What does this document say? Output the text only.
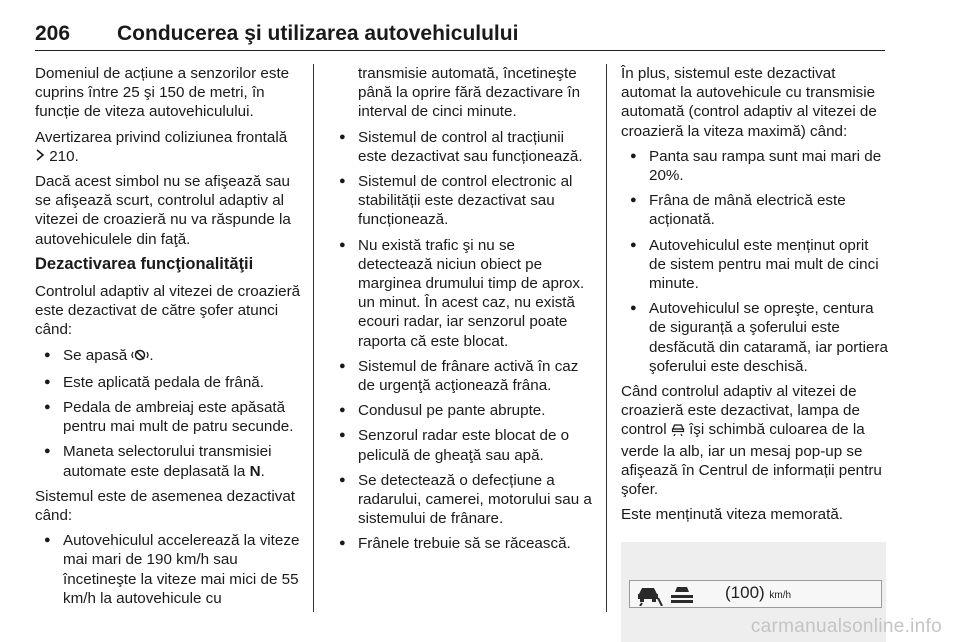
206	Conducerea şi utilizarea autovehiculului

Domeniul de acțiune a senzorilor este cuprins între 25 şi 150 de metri, în funcție de viteza autovehiculului.

Avertizarea privind coliziunea frontală
210.

Dacă acest simbol nu se afişează sau se afişează scurt, controlul adaptiv al vitezei de croazieră nu va răspunde la autovehiculele din faţă.

Dezactivarea funcţionalităţii

Controlul adaptiv al vitezei de croazieră este dezactivat de către şofer atunci când:

● Se apasă .
● Este aplicată pedala de frână.
● Pedala de ambreiaj este apăsată pentru mai mult de patru secunde.
● Maneta selectorului transmisiei automate este deplasată la N.

Sistemul este de asemenea dezactivat când:

● Autovehiculul accelerează la viteze mai mari de 190 km/h sau încetineşte la viteze mai mici de 55 km/h la autovehicule cu

transmisie automată, încetineşte până la oprire fără dezactivare în interval de cinci minute.

● Sistemul de control al tracțiunii este dezactivat sau funcționează.
● Sistemul de control electronic al stabilității este dezactivat sau funcționează.
● Nu există trafic şi nu se detectează niciun obiect pe marginea drumului timp de aprox. un minut. În acest caz, nu există ecouri radar, iar senzorul poate raporta că este blocat.
● Sistemul de frânare activă în caz de urgenţă acţionează frâna.
● Condusul pe pante abrupte.
● Senzorul radar este blocat de o peliculă de gheaţă sau apă.
● Se detectează o defecțiune a radarului, camerei, motorului sau a sistemului de frânare.
● Frânele trebuie să se răcească.

În plus, sistemul este dezactivat automat la autovehicule cu transmisie automată (control adaptiv al vitezei de croazieră la viteza maximă) când:

● Panta sau rampa sunt mai mari de 20%.
● Frâna de mână electrică este acționată.
● Autovehiculul este menținut oprit de sistem pentru mai mult de cinci minute.
● Autovehiculul se opreşte, centura de siguranță a şoferului este desfăcută din cataramă, iar portiera şoferului este deschisă.

Când controlul adaptiv al vitezei de croazieră este dezactivat, lampa de control îşi schimbă culoarea de la verde la alb, iar un mesaj pop-up se afişează în Centrul de informații pentru şofer.

Este menținută viteza memorată.

(100) km/h
carmanualsonline.info
